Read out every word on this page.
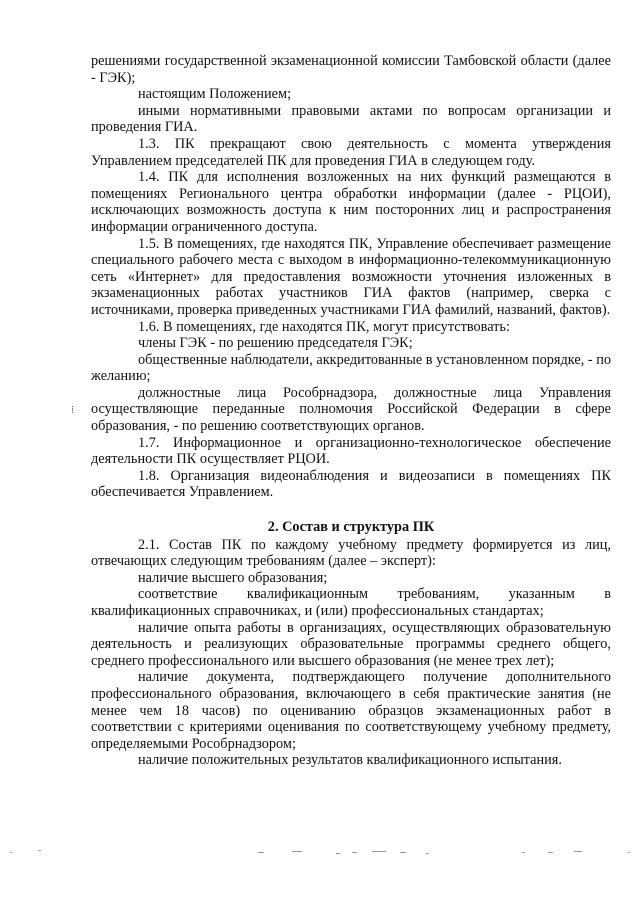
⁞

решениями государственной экзаменационной комиссии Тамбовской области (далее - ГЭК);

настоящим Положением;

иными нормативными правовыми актами по вопросам организации и проведения ГИА.

1.3. ПК прекращают свою деятельность с момента утверждения Управлением председателей ПК для проведения ГИА в следующем году.

1.4. ПК для исполнения возложенных на них функций размещаются в помещениях Регионального центра обработки информации (далее - РЦОИ), исключающих возможность доступа к ним посторонних лиц и распространения информации ограниченного доступа.

1.5. В помещениях, где находятся ПК, Управление обеспечивает размещение специального рабочего места с выходом в информационно-телекоммуникационную сеть «Интернет» для предоставления возможности уточнения изложенных в экзаменационных работах участников ГИА фактов (например, сверка с источниками, проверка приведенных участниками ГИА фамилий, названий, фактов).

1.6. В помещениях, где находятся ПК, могут присутствовать:

члены ГЭК - по решению председателя ГЭК;

общественные наблюдатели, аккредитованные в установленном порядке, - по желанию;

должностные лица Рособрнадзора, должностные лица Управления осуществляющие переданные полномочия Российской Федерации в сфере образования, - по решению соответствующих органов.

1.7. Информационное и организационно-технологическое обеспечение деятельности ПК осуществляет РЦОИ.

1.8. Организация видеонаблюдения и видеозаписи в помещениях ПК обеспечивается Управлением.

2. Состав и структура ПК

2.1. Состав ПК по каждому учебному предмету формируется из лиц, отвечающих следующим требованиям (далее – эксперт):

наличие высшего образования;

соответствие квалификационным требованиям, указанным в квалификационных справочниках, и (или) профессиональных стандартах;

наличие опыта работы в организациях, осуществляющих образовательную деятельность и реализующих образовательные программы среднего общего, среднего профессионального или высшего образования (не менее трех лет);

наличие документа, подтверждающего получение дополнительного профессионального образования, включающего в себя практические занятия (не менее чем 18 часов) по оцениванию образцов экзаменационных работ в соответствии с критериями оценивания по соответствующему учебному предмету, определяемыми Рособрнадзором;

наличие положительных результатов квалификационного испытания.
